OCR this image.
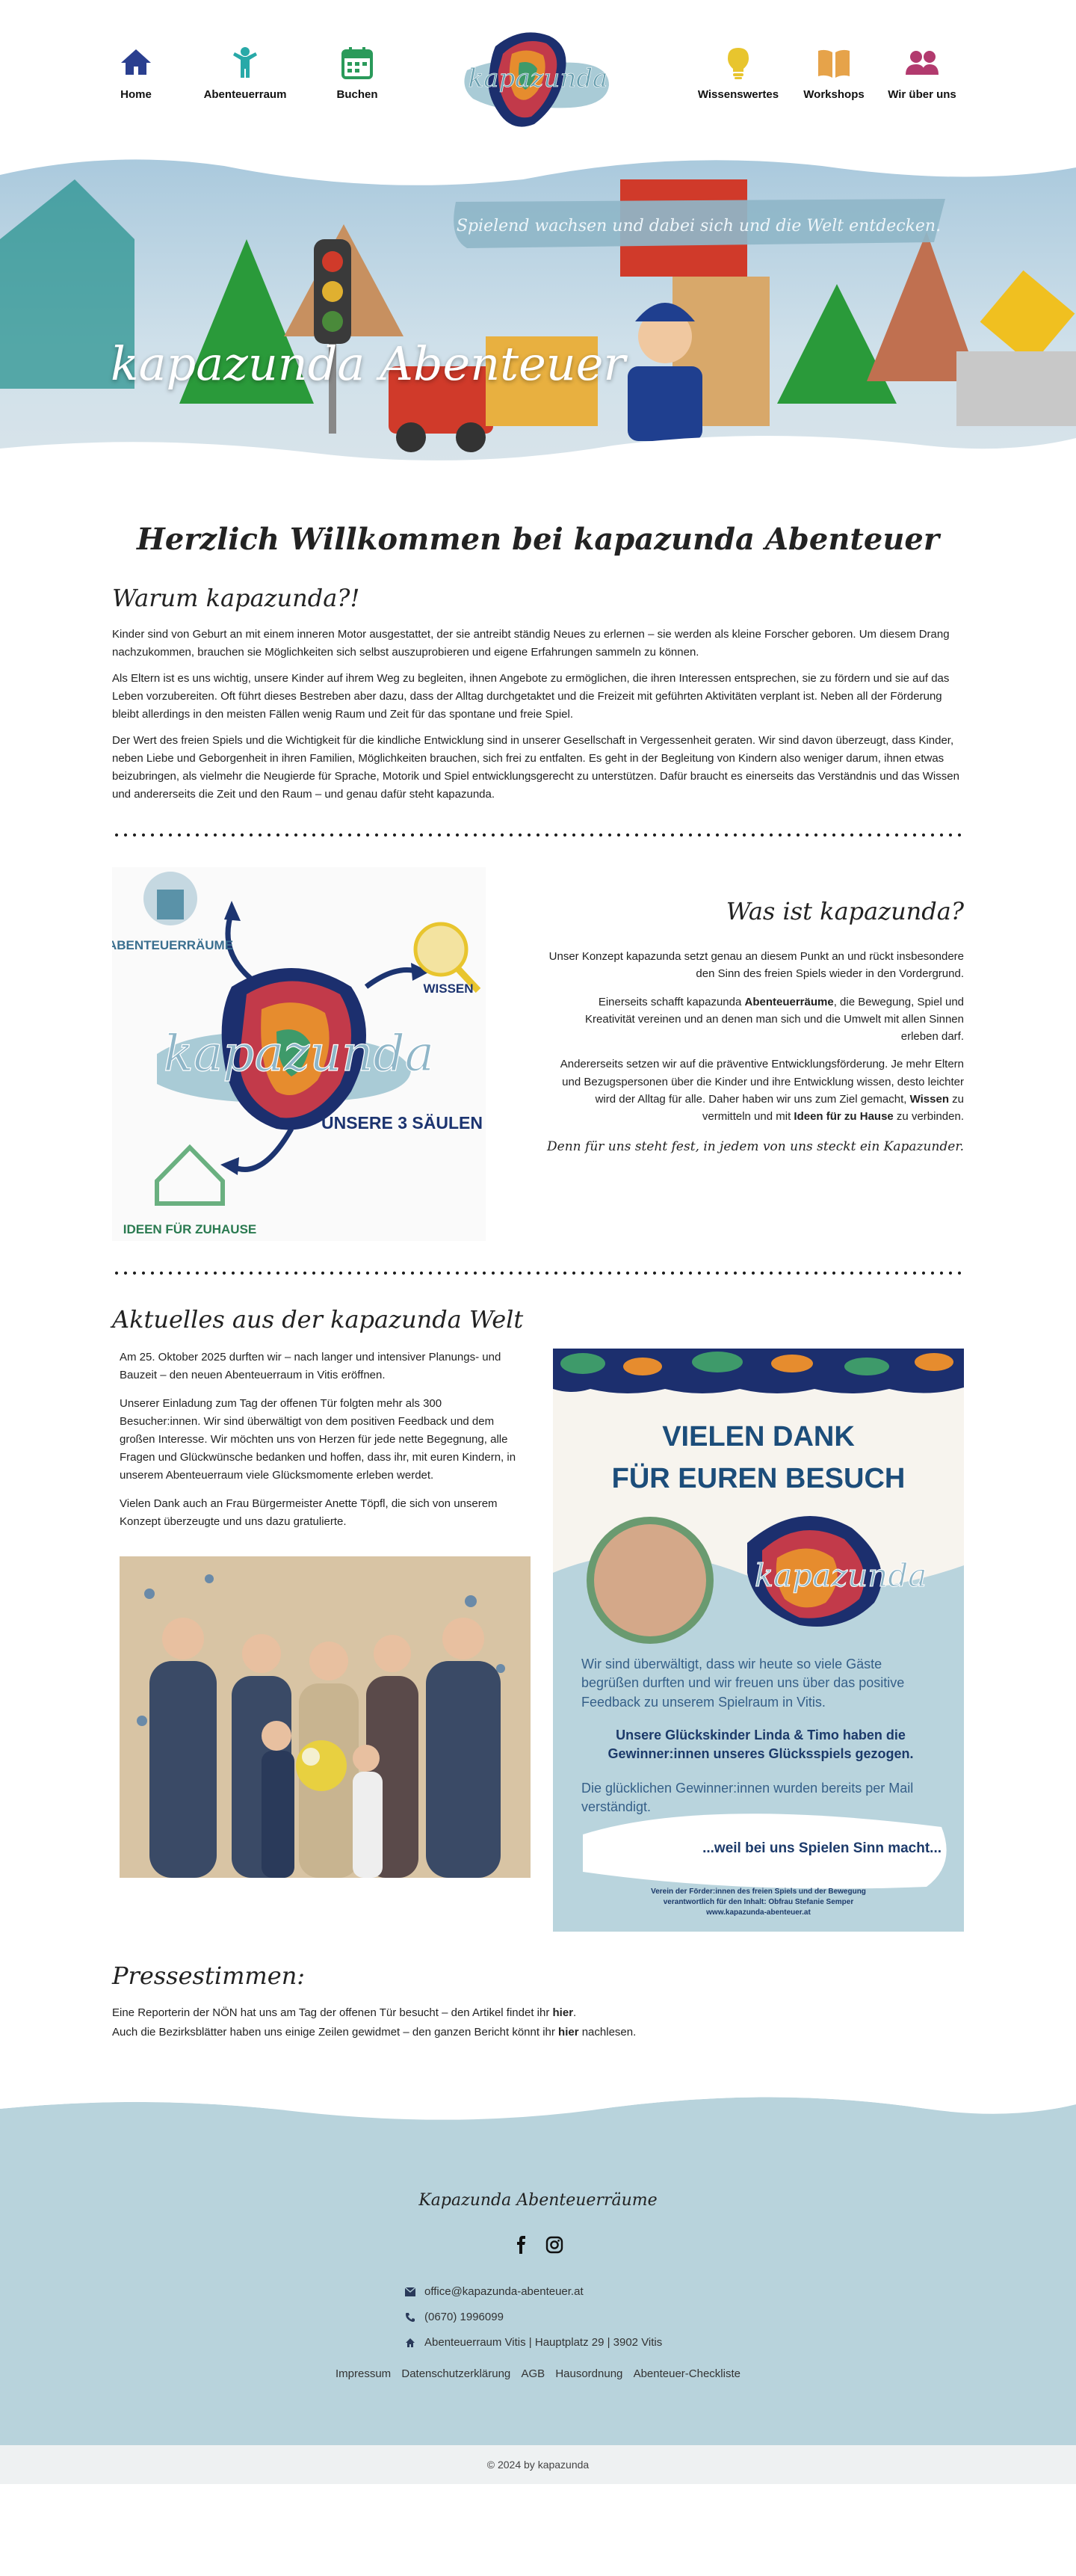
Home	Abenteuerraum	Buchen
kapazunda
Wissenswertes	Workshops	Wir über uns
Spielend wachsen und dabei sich und die Welt entdecken.
kapazunda Abenteuer
Herzlich Willkommen bei kapazunda Abenteuer
Warum kapazunda?!

Kinder sind von Geburt an mit einem inneren Motor ausgestattet, der sie antreibt ständig Neues zu erlernen – sie werden als kleine Forscher geboren. Um diesem Drang nachzukommen, brauchen sie Möglichkeiten sich selbst auszuprobieren und eigene Erfahrungen sammeln zu können.

Als Eltern ist es uns wichtig, unsere Kinder auf ihrem Weg zu begleiten, ihnen Angebote zu ermöglichen, die ihren Interessen entsprechen, sie zu fördern und sie auf das Leben vorzubereiten. Oft führt dieses Bestreben aber dazu, dass der Alltag durchgetaktet und die Freizeit mit geführten Aktivitäten verplant ist. Neben all der Förderung bleibt allerdings in den meisten Fällen wenig Raum und Zeit für das spontane und freie Spiel.

Der Wert des freien Spiels und die Wichtigkeit für die kindliche Entwicklung sind in unserer Gesellschaft in Vergessenheit geraten. Wir sind davon überzeugt, dass Kinder, neben Liebe und Geborgenheit in ihren Familien, Möglichkeiten brauchen, sich frei zu entfalten. Es geht in der Begleitung von Kindern also weniger darum, ihnen etwas beizubringen, als vielmehr die Neugierde für Sprache, Motorik und Spiel entwicklungsgerecht zu unterstützen. Dafür braucht es einerseits das Verständnis und das Wissen und andererseits die Zeit und den Raum – und genau dafür steht kapazunda.

kapazunda
ABENTEUERRÄUME
WISSEN
IDEEN FÜR ZUHAUSE
UNSERE 3 SÄULEN
Was ist kapazunda?

Unser Konzept kapazunda setzt genau an diesem Punkt an und rückt insbesondere den Sinn des freien Spiels wieder in den Vordergrund.

Einerseits schafft kapazunda Abenteuerräume, die Bewegung, Spiel und Kreativität vereinen und an denen man sich und die Umwelt mit allen Sinnen erleben darf.

Andererseits setzen wir auf die präventive Entwicklungsförderung. Je mehr Eltern und Bezugspersonen über die Kinder und ihre Entwicklung wissen, desto leichter wird der Alltag für alle. Daher haben wir uns zum Ziel gemacht, Wissen zu vermitteln und mit Ideen für zu Hause zu verbinden.

Denn für uns steht fest, in jedem von uns steckt ein Kapazunder.

Aktuelles aus der kapazunda Welt

Am 25. Oktober 2025 durften wir – nach langer und intensiver Planungs- und Bauzeit – den neuen Abenteuerraum in Vitis eröffnen.

Unserer Einladung zum Tag der offenen Tür folgten mehr als 300 Besucher:innen. Wir sind überwältigt von dem positiven Feedback und dem großen Interesse. Wir möchten uns von Herzen für jede nette Begegnung, alle Fragen und Glückwünsche bedanken und hoffen, dass ihr, mit euren Kindern, in unserem Abenteuerraum viele Glücksmomente erleben werdet.

Vielen Dank auch an Frau Bürgermeister Anette Töpfl, die sich von unserem Konzept überzeugte und uns dazu gratulierte.

kapazunda
VIELEN DANK
FÜR EUREN BESUCH

Wir sind überwältigt, dass wir heute so viele Gäste begrüßen durften und wir freuen uns über das positive Feedback zu unserem Spielraum in Vitis.

Unsere Glückskinder Linda & Timo haben die Gewinner:innen unseres Glücksspiels gezogen.

Die glücklichen Gewinner:innen wurden bereits per Mail verständigt.

...weil bei uns Spielen Sinn macht...

Verein der Förder:innen des freien Spiels und der Bewegung
verantwortlich für den Inhalt: Obfrau Stefanie Semper
www.kapazunda-abenteuer.at
Pressestimmen:

Eine Reporterin der NÖN hat uns am Tag der offenen Tür besucht – den Artikel findet ihr hier.

Auch die Bezirksblätter haben uns einige Zeilen gewidmet – den ganzen Bericht könnt ihr hier nachlesen.

Kapazunda Abenteuerräume

office@kapazunda-abenteuer.at
(0670) 1996099
Abenteuerraum Vitis | Hauptplatz 29 | 3902 Vitis
Impressum Datenschutzerklärung AGB Hausordnung Abenteuer-Checkliste
© 2024 by kapazunda
